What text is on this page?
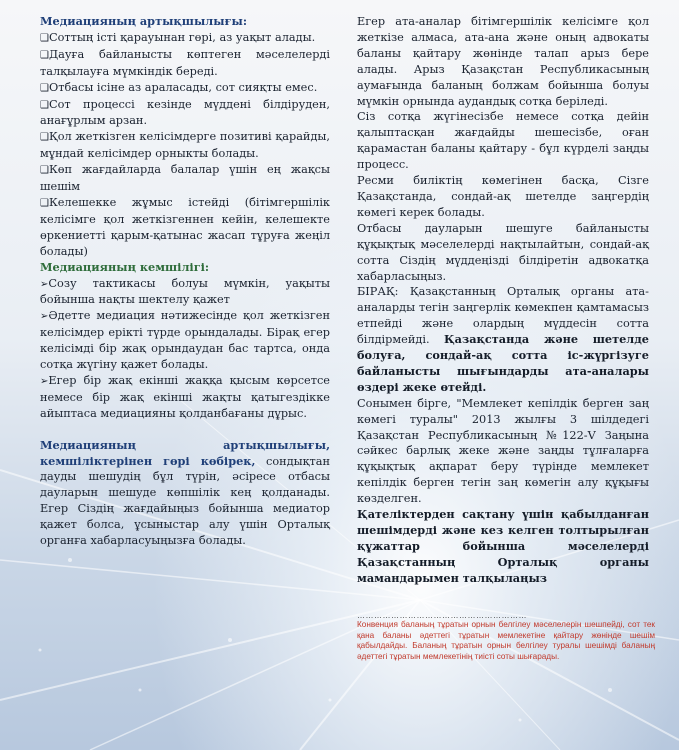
Медиацияның артықшылығы:

❑Соттың істі қарауынан гөрі, аз уақыт алады.

❑Дауға байланысты көптеген мәселелерді талқылауға мүмкіндік береді.

❑Отбасы ісіне аз араласады, сот сияқты емес.

❑Сот процессі кезінде мүддені білдіруден, анағұрлым арзан.

❑Қол жеткізген келісімдерге позитиві қарайды, мұндай келісімдер орныкты болады.

❑Көп жағдайларда балалар үшін ең жақсы шешім

❑Келешекке жұмыс істейді (бітімгершілік келісімге қол жеткізгеннен кейін, келешекте өркениетті қарым-қатынас жасап тұруға жеңіл болады)

Медиацияның кемшілігі:

➢Созу тактикасы болуы мүмкін, уақыты бойынша нақты шектелу қажет

➢Әдетте медиация нәтижесінде қол жеткізген келісімдер ерікті түрде орындалады. Бірақ егер келісімді бір жақ орындаудан бас тартса, онда сотқа жүгіну қажет болады.

➢Егер бір жақ екінші жаққа қысым көрсетсе немесе бір жақ екінші жақты қатыгездікке айыптаса медиацияны қолданбағаны дұрыс.

Медиацияның артықшылығы, кемшіліктерінен гөрі көбірек, сондықтан дауды шешудің бұл түрін, әсіресе отбасы дауларын шешуде көпшілік кең қолданады. Егер Сіздің жағдайыңыз бойынша медиатор қажет болса, ұсыныстар алу үшін Орталық органға хабарласуыңызға болады.

Егер ата-аналар бітімгершілік келісімге қол жеткізе алмаса, ата-ана және оның адвокаты баланы қайтару жөнінде талап арыз бере алады. Арыз Қазақстан Республикасының аумағында баланың болжам бойынша болуы мүмкін орнында аудандық сотқа беріледі.

Сіз сотқа жүгінесізбе немесе сотқа дейін қалыптасқан жағдайды шешесізбе, оған қарамастан баланы қайтару - бұл күрделі заңды процесс.

Ресми биліктің көмегінен басқа, Сізге Қазақстанда, сондай-ақ шетелде заңгердің көмегі керек болады.

Отбасы дауларын шешуге байланысты құқықтық мәселелерді нақтылайтын, сондай-ақ сотта Сіздің мүддеңізді білдіретін адвокатқа хабарласыңыз.

БІРАҚ: Қазақстанның Орталық органы ата-аналарды тегін заңгерлік көмекпен қамтамасыз етпейді және олардың мүддесін сотта білдірмейді. Қазақстанда және шетелде болуға, сондай-ақ сотта іс-жүргізуге байланысты шығындарды ата-аналары өздері жеке өтейді.

Сонымен бірге, "Мемлекет кепілдік берген заң көмегі туралы" 2013 жылғы 3 шілдедегі Қазақстан Республикасының №122-V Заңына сәйкес барлық жеке және заңды тұлғаларға құқықтық ақпарат беру түрінде мемлекет кепілдік берген тегін заң көмегін алу құқығы көзделген.

Қателіктерден сақтану үшін қабылданған шешімдерді және кез келген толтырылған құжаттар бойынша мәселелерді Қазақстанның Орталық органы мамандарымен талқылаңыз

……………………………………………………
Конвенция баланың тұратын орнын белгілеу мәселелерін шешпейді, сот тек қана баланы әдеттегі тұратын мемлекетіне қайтару жөнінде шешім қабылдайды. Баланың тұратын орнын белгілеу туралы шешімді баланың әдеттегі тұратын мемлекетінің тиісті соты шығарады.
